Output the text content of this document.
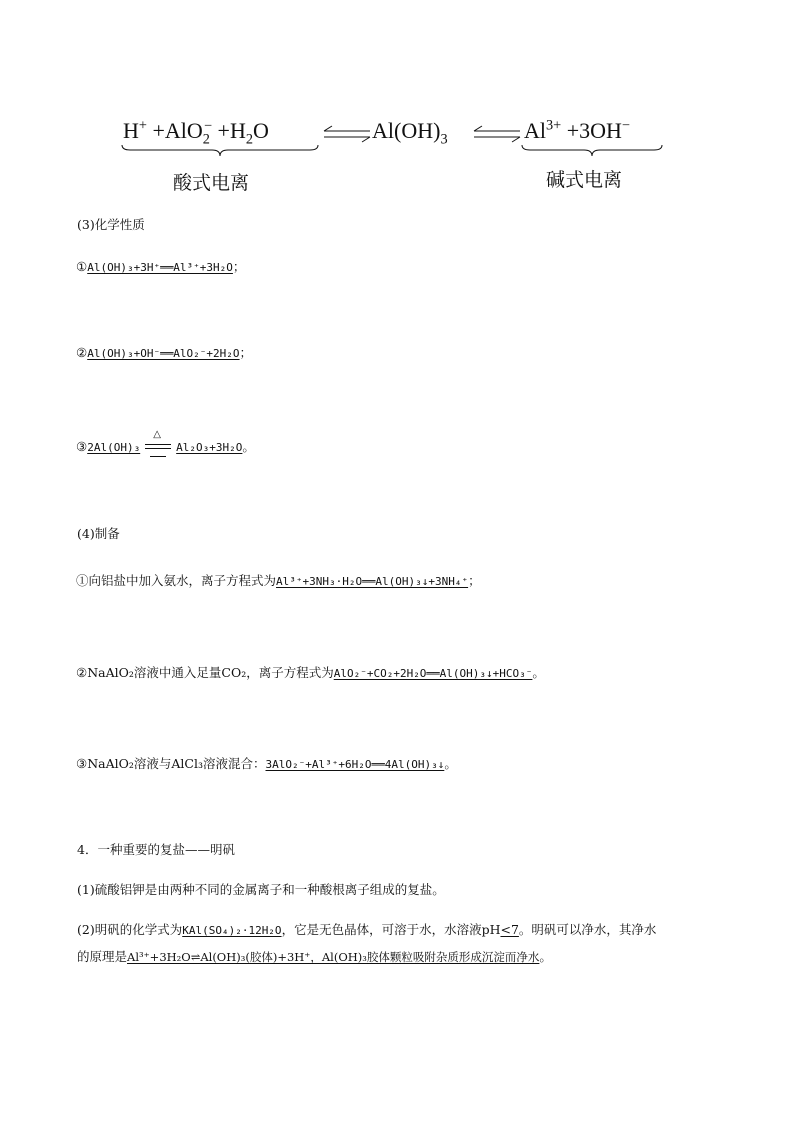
$H^+ +AlO_2^- +H_2O$	$Al(OH)_3$	$Al^{3+} +3OH^-$
酸式电离	碱式电离
(3)化学性质
①Al(OH)₃+3H⁺══Al³⁺+3H₂O；
②Al(OH)₃+OH⁻══AlO₂⁻+2H₂O；
③2Al(OH)₃
△
Al₂O₃+3H₂O。
(4)制备
①向铝盐中加入氨水，离子方程式为Al³⁺+3NH₃·H₂O══Al(OH)₃↓+3NH₄⁺；
②NaAlO₂溶液中通入足量CO₂，离子方程式为AlO₂⁻+CO₂+2H₂O══Al(OH)₃↓+HCO₃⁻。
③NaAlO₂溶液与AlCl₃溶液混合：3AlO₂⁻+Al³⁺+6H₂O══4Al(OH)₃↓。
4．一种重要的复盐——明矾
(1)硫酸铝钾是由两种不同的金属离子和一种酸根离子组成的复盐。
(2)明矾的化学式为KAl(SO₄)₂·12H₂O，它是无色晶体，可溶于水，水溶液pH<7。明矾可以净水，其净水
的原理是Al³⁺+3H₂O⇌Al(OH)₃(胶体)+3H⁺，Al(OH)₃胶体颗粒吸附杂质形成沉淀而净水。
